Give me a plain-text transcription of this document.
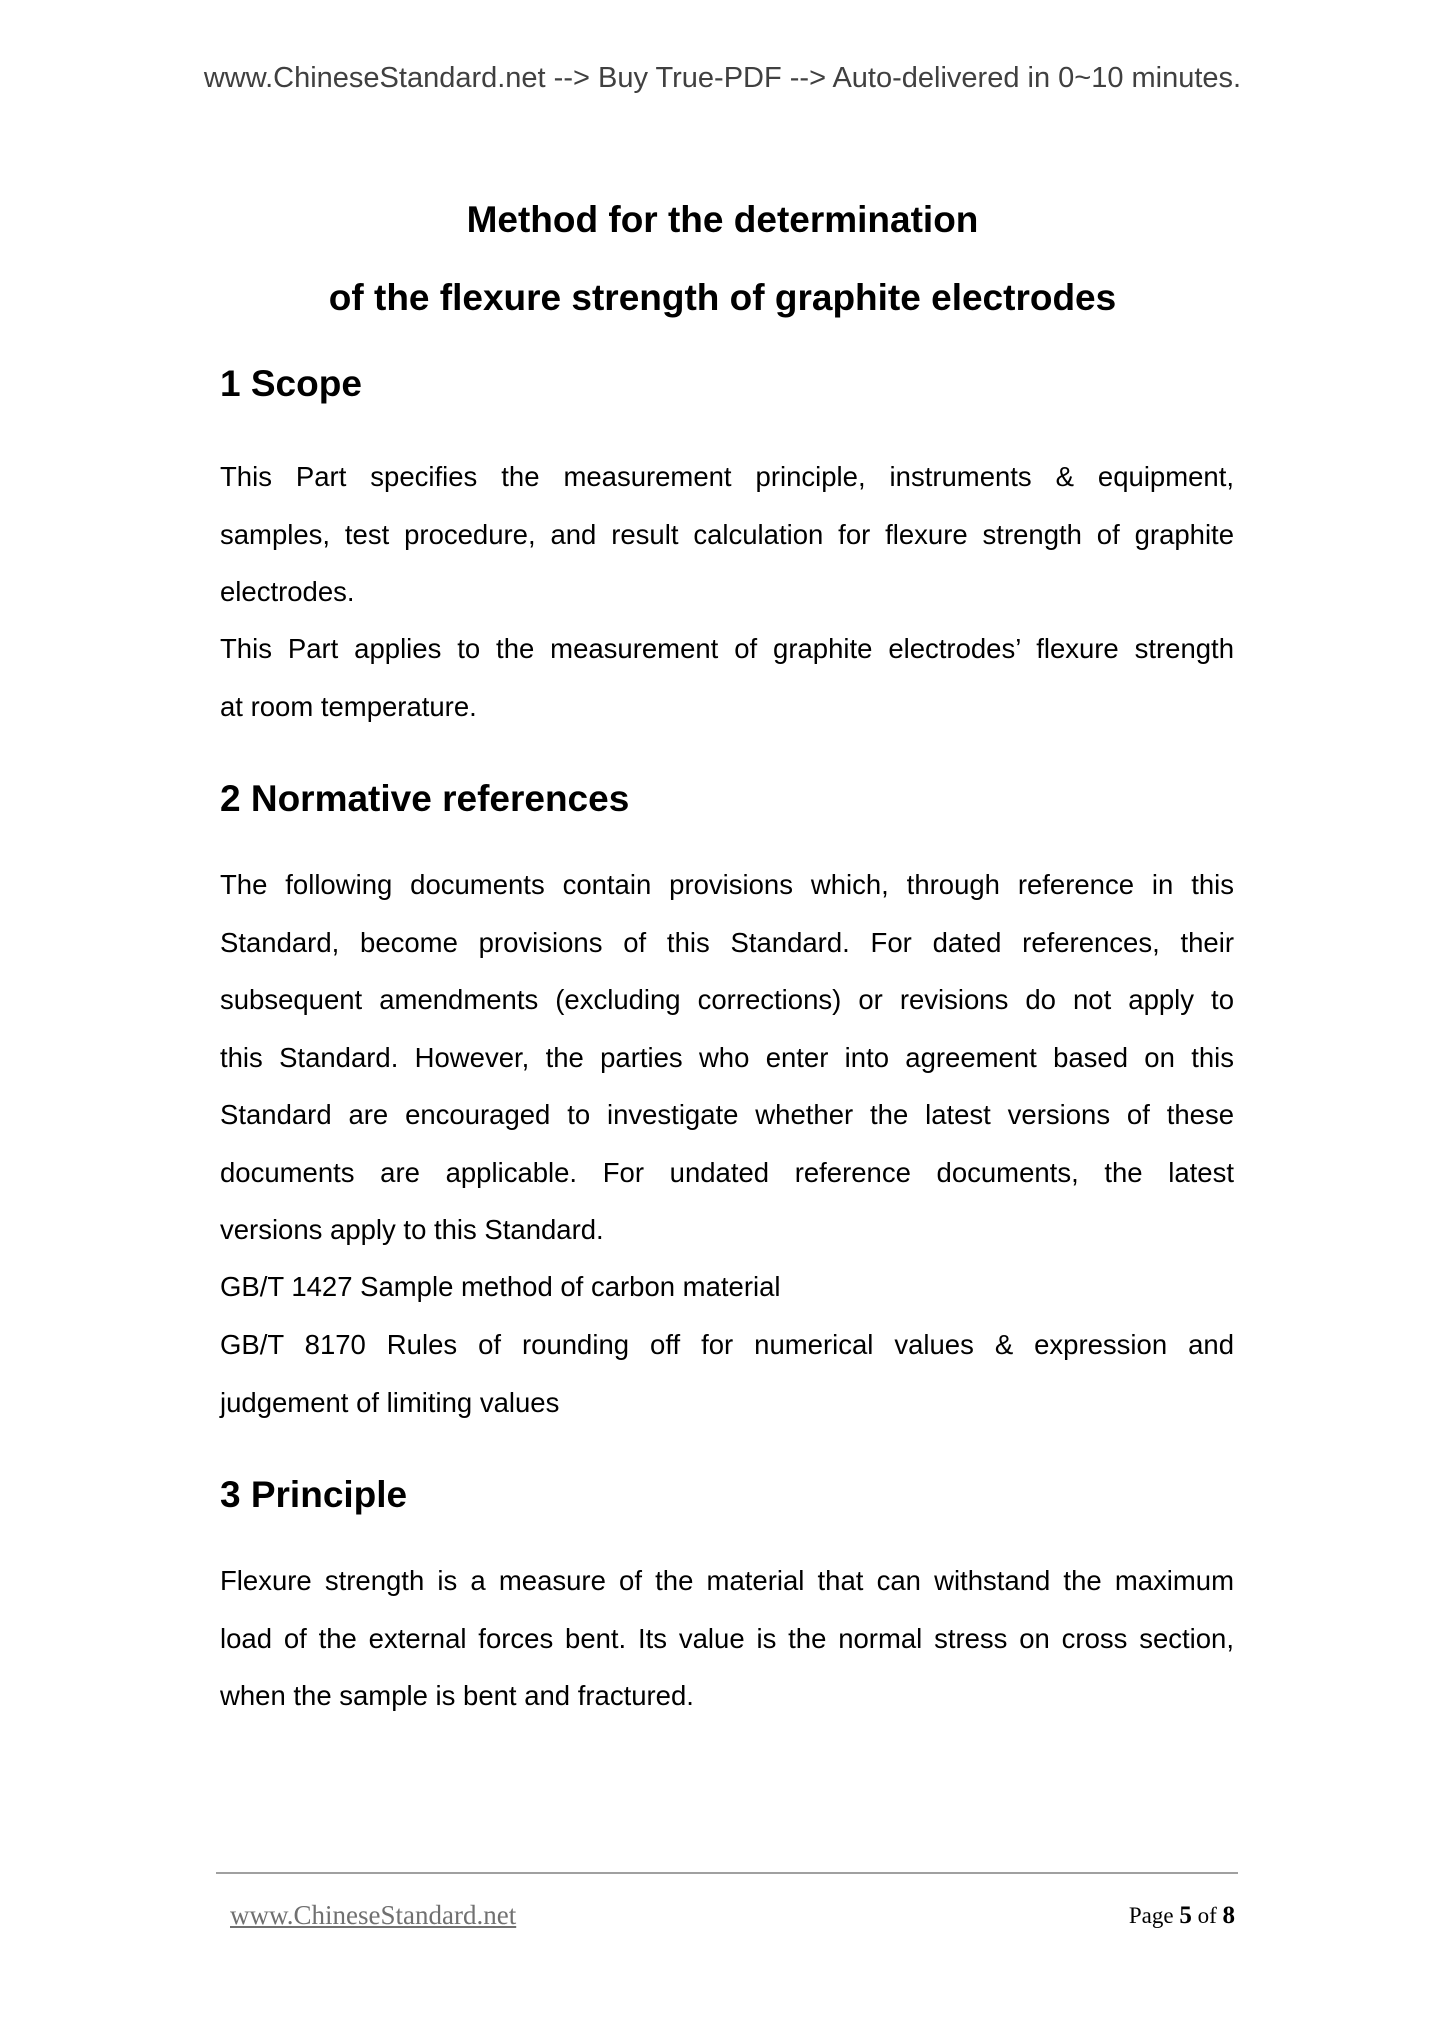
www.ChineseStandard.net --> Buy True-PDF --> Auto-delivered in 0~10 minutes.
Method for the determination
of the flexure strength of graphite electrodes
1 Scope
This Part specifies the measurement principle, instruments & equipment,
samples, test procedure, and result calculation for flexure strength of graphite
electrodes.
This Part applies to the measurement of graphite electrodes’ flexure strength
at room temperature.
2 Normative references
The following documents contain provisions which, through reference in this
Standard, become provisions of this Standard. For dated references, their
subsequent amendments (excluding corrections) or revisions do not apply to
this Standard. However, the parties who enter into agreement based on this
Standard are encouraged to investigate whether the latest versions of these
documents are applicable. For undated reference documents, the latest
versions apply to this Standard.
GB/T 1427 Sample method of carbon material
GB/T 8170 Rules of rounding off for numerical values & expression and
judgement of limiting values
3 Principle
Flexure strength is a measure of the material that can withstand the maximum
load of the external forces bent. Its value is the normal stress on cross section,
when the sample is bent and fractured.
www.ChineseStandard.net	Page 5 of 8
